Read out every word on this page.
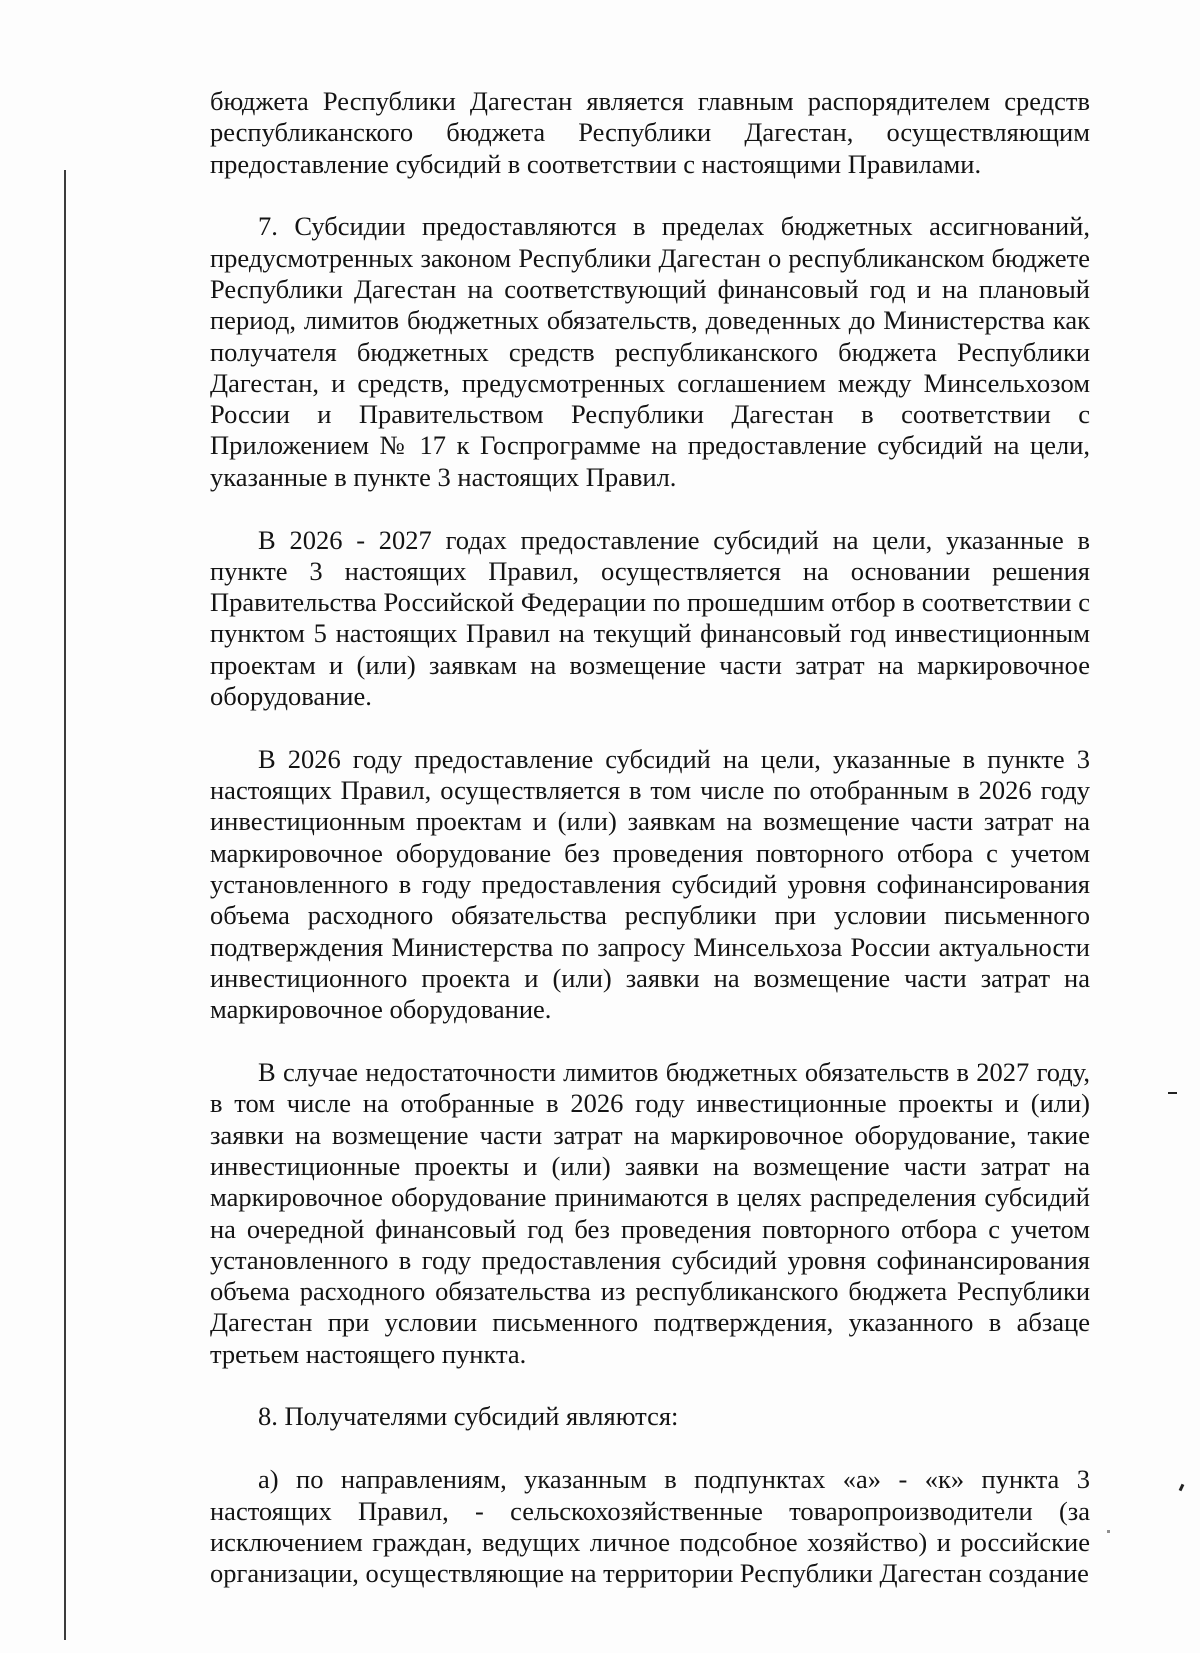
бюджета Республики Дагестан является главным распорядителем средств республиканского бюджета Республики Дагестан, осуществляющим предоставление субсидий в соответствии с настоящими Правилами.

7. Субсидии предоставляются в пределах бюджетных ассигнований, предусмотренных законом Республики Дагестан о республиканском бюджете Республики Дагестан на соответствующий финансовый год и на плановый период, лимитов бюджетных обязательств, доведенных до Министерства как получателя бюджетных средств республиканского бюджета Республики Дагестан, и средств, предусмотренных соглашением между Минсельхозом России и Правительством Республики Дагестан в соответствии с Приложением № 17 к Госпрограмме на предоставление субсидий на цели, указанные в пункте 3 настоящих Правил.

В 2026 - 2027 годах предоставление субсидий на цели, указанные в пункте 3 настоящих Правил, осуществляется на основании решения Правительства Российской Федерации по прошедшим отбор в соответствии с пунктом 5 настоящих Правил на текущий финансовый год инвестиционным проектам и (или) заявкам на возмещение части затрат на маркировочное оборудование.

В 2026 году предоставление субсидий на цели, указанные в пункте 3 настоящих Правил, осуществляется в том числе по отобранным в 2026 году инвестиционным проектам и (или) заявкам на возмещение части затрат на маркировочное оборудование без проведения повторного отбора с учетом установленного в году предоставления субсидий уровня софинансирования объема расходного обязательства республики при условии письменного подтверждения Министерства по запросу Минсельхоза России актуальности инвестиционного проекта и (или) заявки на возмещение части затрат на маркировочное оборудование.

В случае недостаточности лимитов бюджетных обязательств в 2027 году, в том числе на отобранные в 2026 году инвестиционные проекты и (или) заявки на возмещение части затрат на маркировочное оборудование, такие инвестиционные проекты и (или) заявки на возмещение части затрат на маркировочное оборудование принимаются в целях распределения субсидий на очередной финансовый год без проведения повторного отбора с учетом установленного в году предоставления субсидий уровня софинансирования объема расходного обязательства из республиканского бюджета Республики Дагестан при условии письменного подтверждения, указанного в абзаце третьем настоящего пункта.

8. Получателями субсидий являются:

а) по направлениям, указанным в подпунктах «а» - «к» пункта 3 настоящих Правил, - сельскохозяйственные товаропроизводители (за исключением граждан, ведущих личное подсобное хозяйство) и российские организации, осуществляющие на территории Республики Дагестан создание
